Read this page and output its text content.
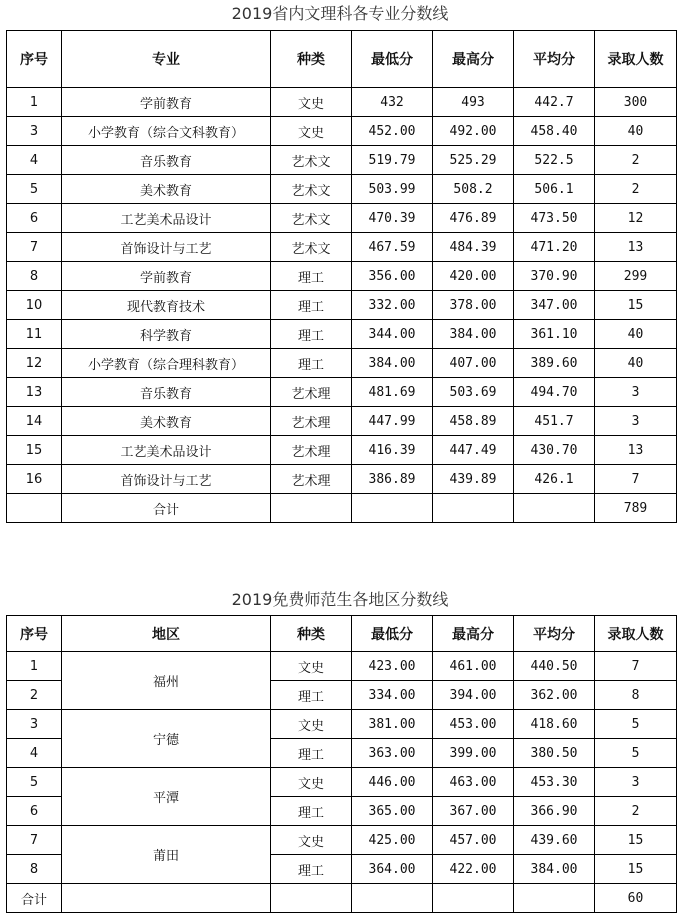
2019省内文理科各专业分数线
序号	专业	种类	最低分	最高分	平均分	录取人数
1	学前教育	文史	432	493	442.7	300
3	小学教育（综合文科教育）	文史	452.00	492.00	458.40	40
4	音乐教育	艺术文	519.79	525.29	522.5	2
5	美术教育	艺术文	503.99	508.2	506.1	2
6	工艺美术品设计	艺术文	470.39	476.89	473.50	12
7	首饰设计与工艺	艺术文	467.59	484.39	471.20	13
8	学前教育	理工	356.00	420.00	370.90	299
10	现代教育技术	理工	332.00	378.00	347.00	15
11	科学教育	理工	344.00	384.00	361.10	40
12	小学教育（综合理科教育）	理工	384.00	407.00	389.60	40
13	音乐教育	艺术理	481.69	503.69	494.70	3
14	美术教育	艺术理	447.99	458.89	451.7	3
15	工艺美术品设计	艺术理	416.39	447.49	430.70	13
16	首饰设计与工艺	艺术理	386.89	439.89	426.1	7
	合计					789
2019免费师范生各地区分数线
序号	地区	种类	最低分	最高分	平均分	录取人数
1	福州	文史	423.00	461.00	440.50	7
2		理工	334.00	394.00	362.00	8
3	宁德	文史	381.00	453.00	418.60	5
4		理工	363.00	399.00	380.50	5
5	平潭	文史	446.00	463.00	453.30	3
6		理工	365.00	367.00	366.90	2
7	莆田	文史	425.00	457.00	439.60	15
8		理工	364.00	422.00	384.00	15
合计						60
